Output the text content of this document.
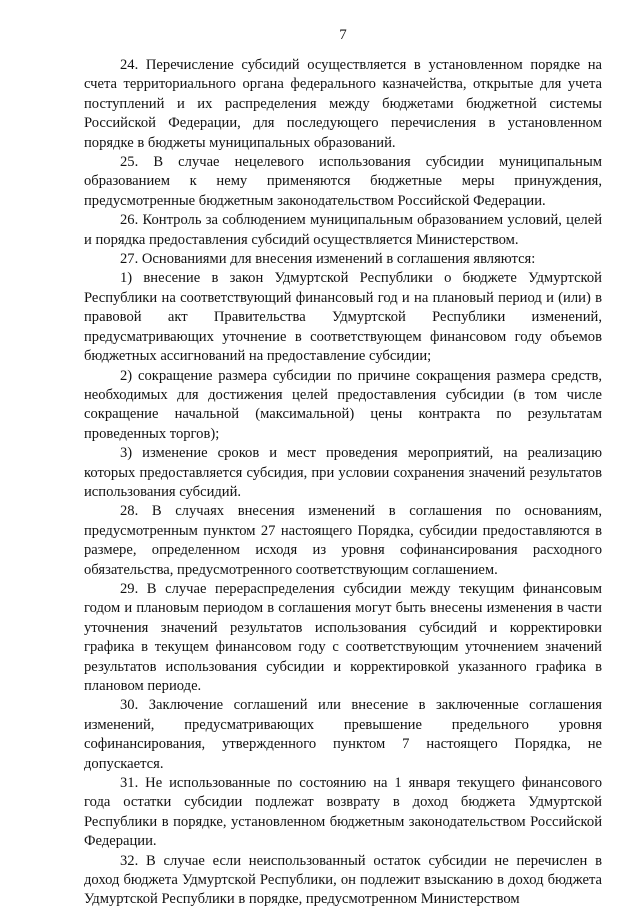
7

24. Перечисление субсидий осуществляется в установленном порядке на счета территориального органа федерального казначейства, открытые для учета поступлений и их распределения между бюджетами бюджетной системы Российской Федерации, для последующего перечисления в установленном порядке в бюджеты муниципальных образований.

25. В случае нецелевого использования субсидии муниципальным образованием к нему применяются бюджетные меры принуждения, предусмотренные бюджетным законодательством Российской Федерации.

26. Контроль за соблюдением муниципальным образованием условий, целей и порядка предоставления субсидий осуществляется Министерством.

27. Основаниями для внесения изменений в соглашения являются:

1) внесение в закон Удмуртской Республики о бюджете Удмуртской Республики на соответствующий финансовый год и на плановый период и (или) в правовой акт Правительства Удмуртской Республики изменений, предусматривающих уточнение в соответствующем финансовом году объемов бюджетных ассигнований на предоставление субсидии;

2) сокращение размера субсидии по причине сокращения размера средств, необходимых для достижения целей предоставления субсидии (в том числе сокращение начальной (максимальной) цены контракта по результатам проведенных торгов);

3) изменение сроков и мест проведения мероприятий, на реализацию которых предоставляется субсидия, при условии сохранения значений результатов использования субсидий.

28. В случаях внесения изменений в соглашения по основаниям, предусмотренным пунктом 27 настоящего Порядка, субсидии предоставляются в размере, определенном исходя из уровня софинансирования расходного обязательства, предусмотренного соответствующим соглашением.

29. В случае перераспределения субсидии между текущим финансовым годом и плановым периодом в соглашения могут быть внесены изменения в части уточнения значений результатов использования субсидий и корректировки графика в текущем финансовом году с соответствующим уточнением значений результатов использования субсидии и корректировкой указанного графика в плановом периоде.

30. Заключение соглашений или внесение в заключенные соглашения изменений, предусматривающих превышение предельного уровня софинансирования, утвержденного пунктом 7 настоящего Порядка, не допускается.

31. Не использованные по состоянию на 1 января текущего финансового года остатки субсидии подлежат возврату в доход бюджета Удмуртской Республики в порядке, установленном бюджетным законодательством Российской Федерации.

32. В случае если неиспользованный остаток субсидии не перечислен в доход бюджета Удмуртской Республики, он подлежит взысканию в доход бюджета Удмуртской Республики в порядке, предусмотренном Министерством
